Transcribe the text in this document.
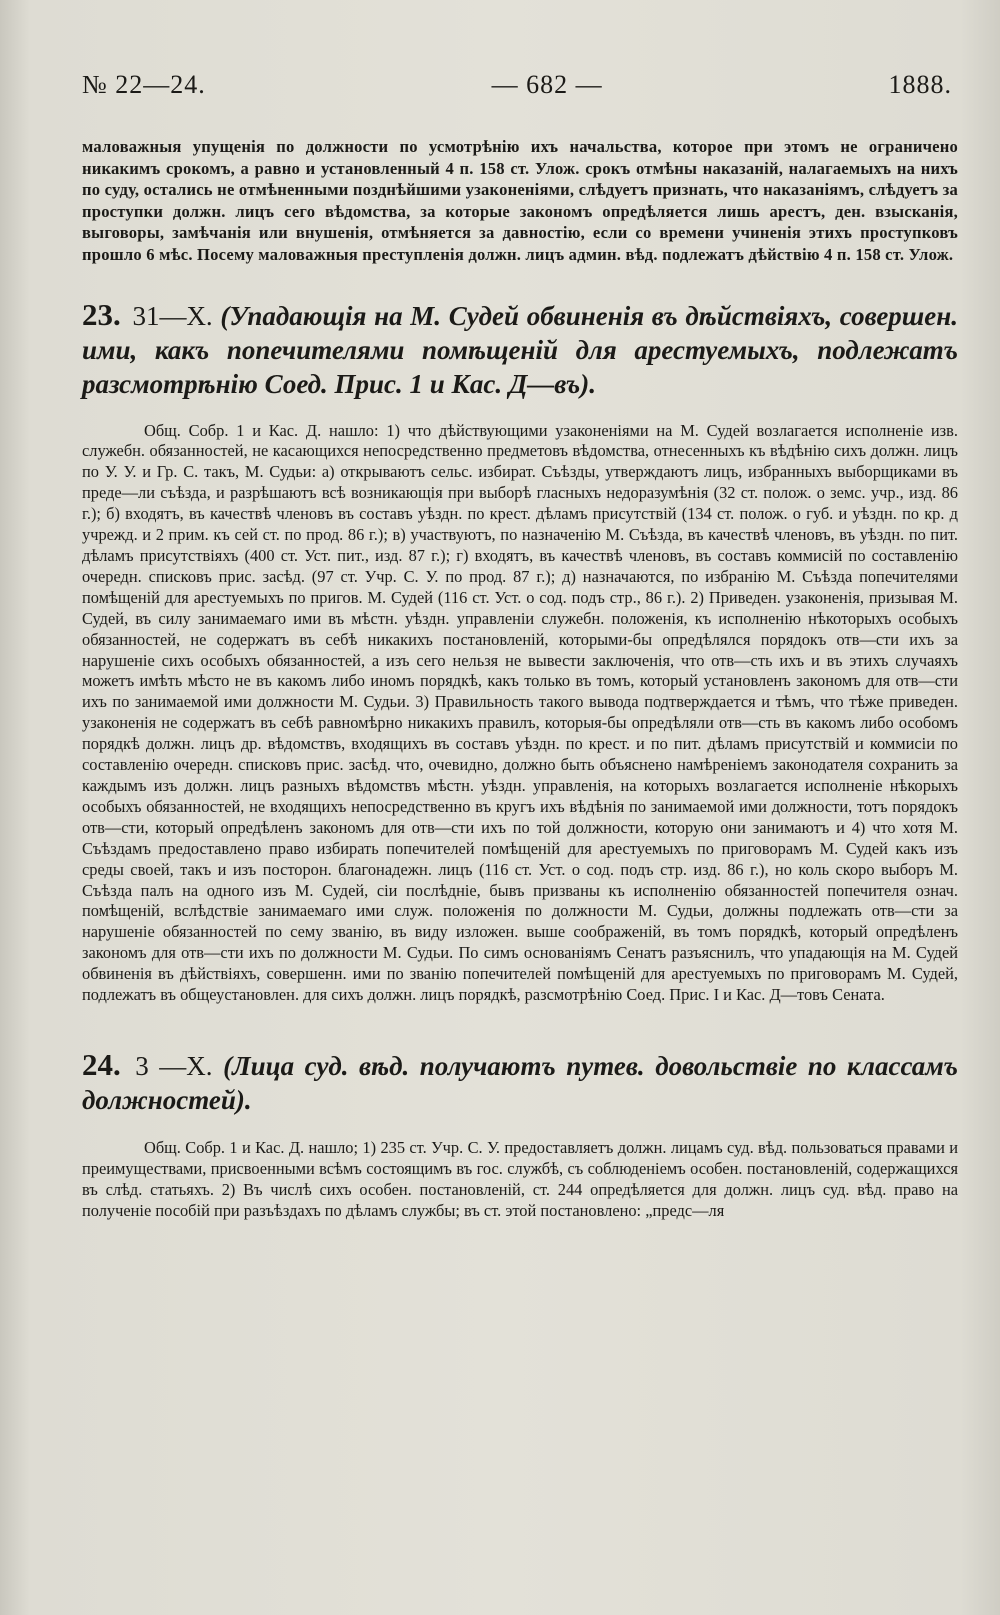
№ 22—24.	— 682 —	1888.

маловажныя упущенія по должности по усмотрѣнію ихъ начальства, которое при этомъ не ограничено никакимъ срокомъ, а равно и установленный 4 п. 158 ст. Улож. срокъ отмѣны наказаній, налагаемыхъ на нихъ по суду, остались не отмѣненными позднѣйшими узаконеніями, слѣдуетъ признать, что наказаніямъ, слѣдуетъ за проступки должн. лицъ сего вѣдомства, за которые закономъ опредѣляется лишь арестъ, ден. взысканія, выговоры, замѣчанія или внушенія, отмѣняется за давностію, если со времени учиненія этихъ проступковъ прошло 6 мѣс. Посему маловажныя преступленія должн. лицъ админ. вѣд. подлежатъ дѣйствію 4 п. 158 ст. Улож.

23. 31—X. (Упадающія на М. Судей обвиненія въ дѣйствіяхъ, совершен. ими, какъ попечителями помѣщеній для арестуемыхъ, подлежатъ разсмотрѣнію Соед. Прис. 1 и Кас. Д—въ).

Общ. Собр. 1 и Кас. Д. нашло: 1) что дѣйствующими узаконеніями на М. Судей возлагается исполненіе изв. служебн. обязанностей, не касающихся непосредственно предметовъ вѣдомства, отнесенныхъ къ вѣдѣнію сихъ должн. лицъ по У. У. и Гр. С. такъ, М. Судьи: а) открываютъ сельс. избират. Съѣзды, утверждаютъ лицъ, избранныхъ выборщиками въ преде—ли съѣзда, и разрѣшаютъ всѣ возникающія при выборѣ гласныхъ недоразумѣнія (32 ст. полож. о земс. учр., изд. 86 г.); б) входятъ, въ качествѣ членовъ въ составъ уѣздн. по крест. дѣламъ присутствій (134 ст. полож. о губ. и уѣздн. по кр. д учрежд. и 2 прим. къ сей ст. по прод. 86 г.); в) участвуютъ, по назначенію М. Съѣзда, въ качествѣ членовъ, въ уѣздн. по пит. дѣламъ присутствіяхъ (400 ст. Уст. пит., изд. 87 г.); г) входятъ, въ качествѣ членовъ, въ составъ коммисій по составленію очередн. списковъ прис. засѣд. (97 ст. Учр. С. У. по прод. 87 г.); д) назначаются, по избранію М. Съѣзда попечителями помѣщеній для арестуемыхъ по пригов. М. Судей (116 ст. Уст. о сод. подъ стр., 86 г.). 2) Приведен. узаконенія, призывая М. Судей, въ силу занимаемаго ими въ мѣстн. уѣздн. управленіи служебн. положенія, къ исполненію нѣкоторыхъ особыхъ обязанностей, не содержатъ въ себѣ никакихъ постановленій, которыми-бы опредѣлялся порядокъ отв—сти ихъ за нарушеніе сихъ особыхъ обязанностей, а изъ сего нельзя не вывести заключенія, что отв—сть ихъ и въ этихъ случаяхъ можетъ имѣть мѣсто не въ какомъ либо иномъ порядкѣ, какъ только въ томъ, который установленъ закономъ для отв—сти ихъ по занимаемой ими должности М. Судьи. 3) Правильность такого вывода подтверждается и тѣмъ, что тѣже приведен. узаконенія не содержатъ въ себѣ равномѣрно никакихъ правилъ, которыя-бы опредѣляли отв—сть въ какомъ либо особомъ порядкѣ должн. лицъ др. вѣдомствъ, входящихъ въ составъ уѣздн. по крест. и по пит. дѣламъ присутствій и коммисіи по составленію очередн. списковъ прис. засѣд. что, очевидно, должно быть объяснено намѣреніемъ законодателя сохранить за каждымъ изъ должн. лицъ разныхъ вѣдомствъ мѣстн. уѣздн. управленія, на которыхъ возлагается исполненіе нѣкорыхъ особыхъ обязанностей, не входящихъ непосредственно въ кругъ ихъ вѣдѣнія по занимаемой ими должности, тотъ порядокъ отв—сти, который опредѣленъ закономъ для отв—сти ихъ по той должности, которую они занимаютъ и 4) что хотя М. Съѣздамъ предоставлено право избирать попечителей помѣщеній для арестуемыхъ по приговорамъ М. Судей какъ изъ среды своей, такъ и изъ посторон. благонадежн. лицъ (116 ст. Уст. о сод. подъ стр. изд. 86 г.), но коль скоро выборъ М. Съѣзда палъ на одного изъ М. Судей, сіи послѣдніе, бывъ призваны къ исполненію обязанностей попечителя означ. помѣщеній, вслѣдствіе занимаемаго ими служ. положенія по должности М. Судьи, должны подлежать отв—сти за нарушеніе обязанностей по сему званію, въ виду изложен. выше соображеній, въ томъ порядкѣ, который опредѣленъ закономъ для отв—сти ихъ по должности М. Судьи. По симъ основаніямъ Сенатъ разъяснилъ, что упадающія на М. Судей обвиненія въ дѣйствіяхъ, совершенн. ими по званію попечителей помѣщеній для арестуемыхъ по приговорамъ М. Судей, подлежатъ въ общеустановлен. для сихъ должн. лицъ порядкѣ, разсмотрѣнію Соед. Прис. I и Кас. Д—товъ Сената.

24. 3 —X. (Лица суд. вѣд. получаютъ путев. довольствіе по классамъ должностей).

Общ. Собр. 1 и Кас. Д. нашло; 1) 235 ст. Учр. С. У. предоставляетъ должн. лицамъ суд. вѣд. пользоваться правами и преимуществами, присвоенными всѣмъ состоящимъ въ гос. службѣ, съ соблюденіемъ особен. постановленій, содержащихся въ слѣд. статьяхъ. 2) Въ числѣ сихъ особен. постановленій, ст. 244 опредѣляется для должн. лицъ суд. вѣд. право на полученіе пособій при разъѣздахъ по дѣламъ службы; въ ст. этой постановлено: „предс—ля
